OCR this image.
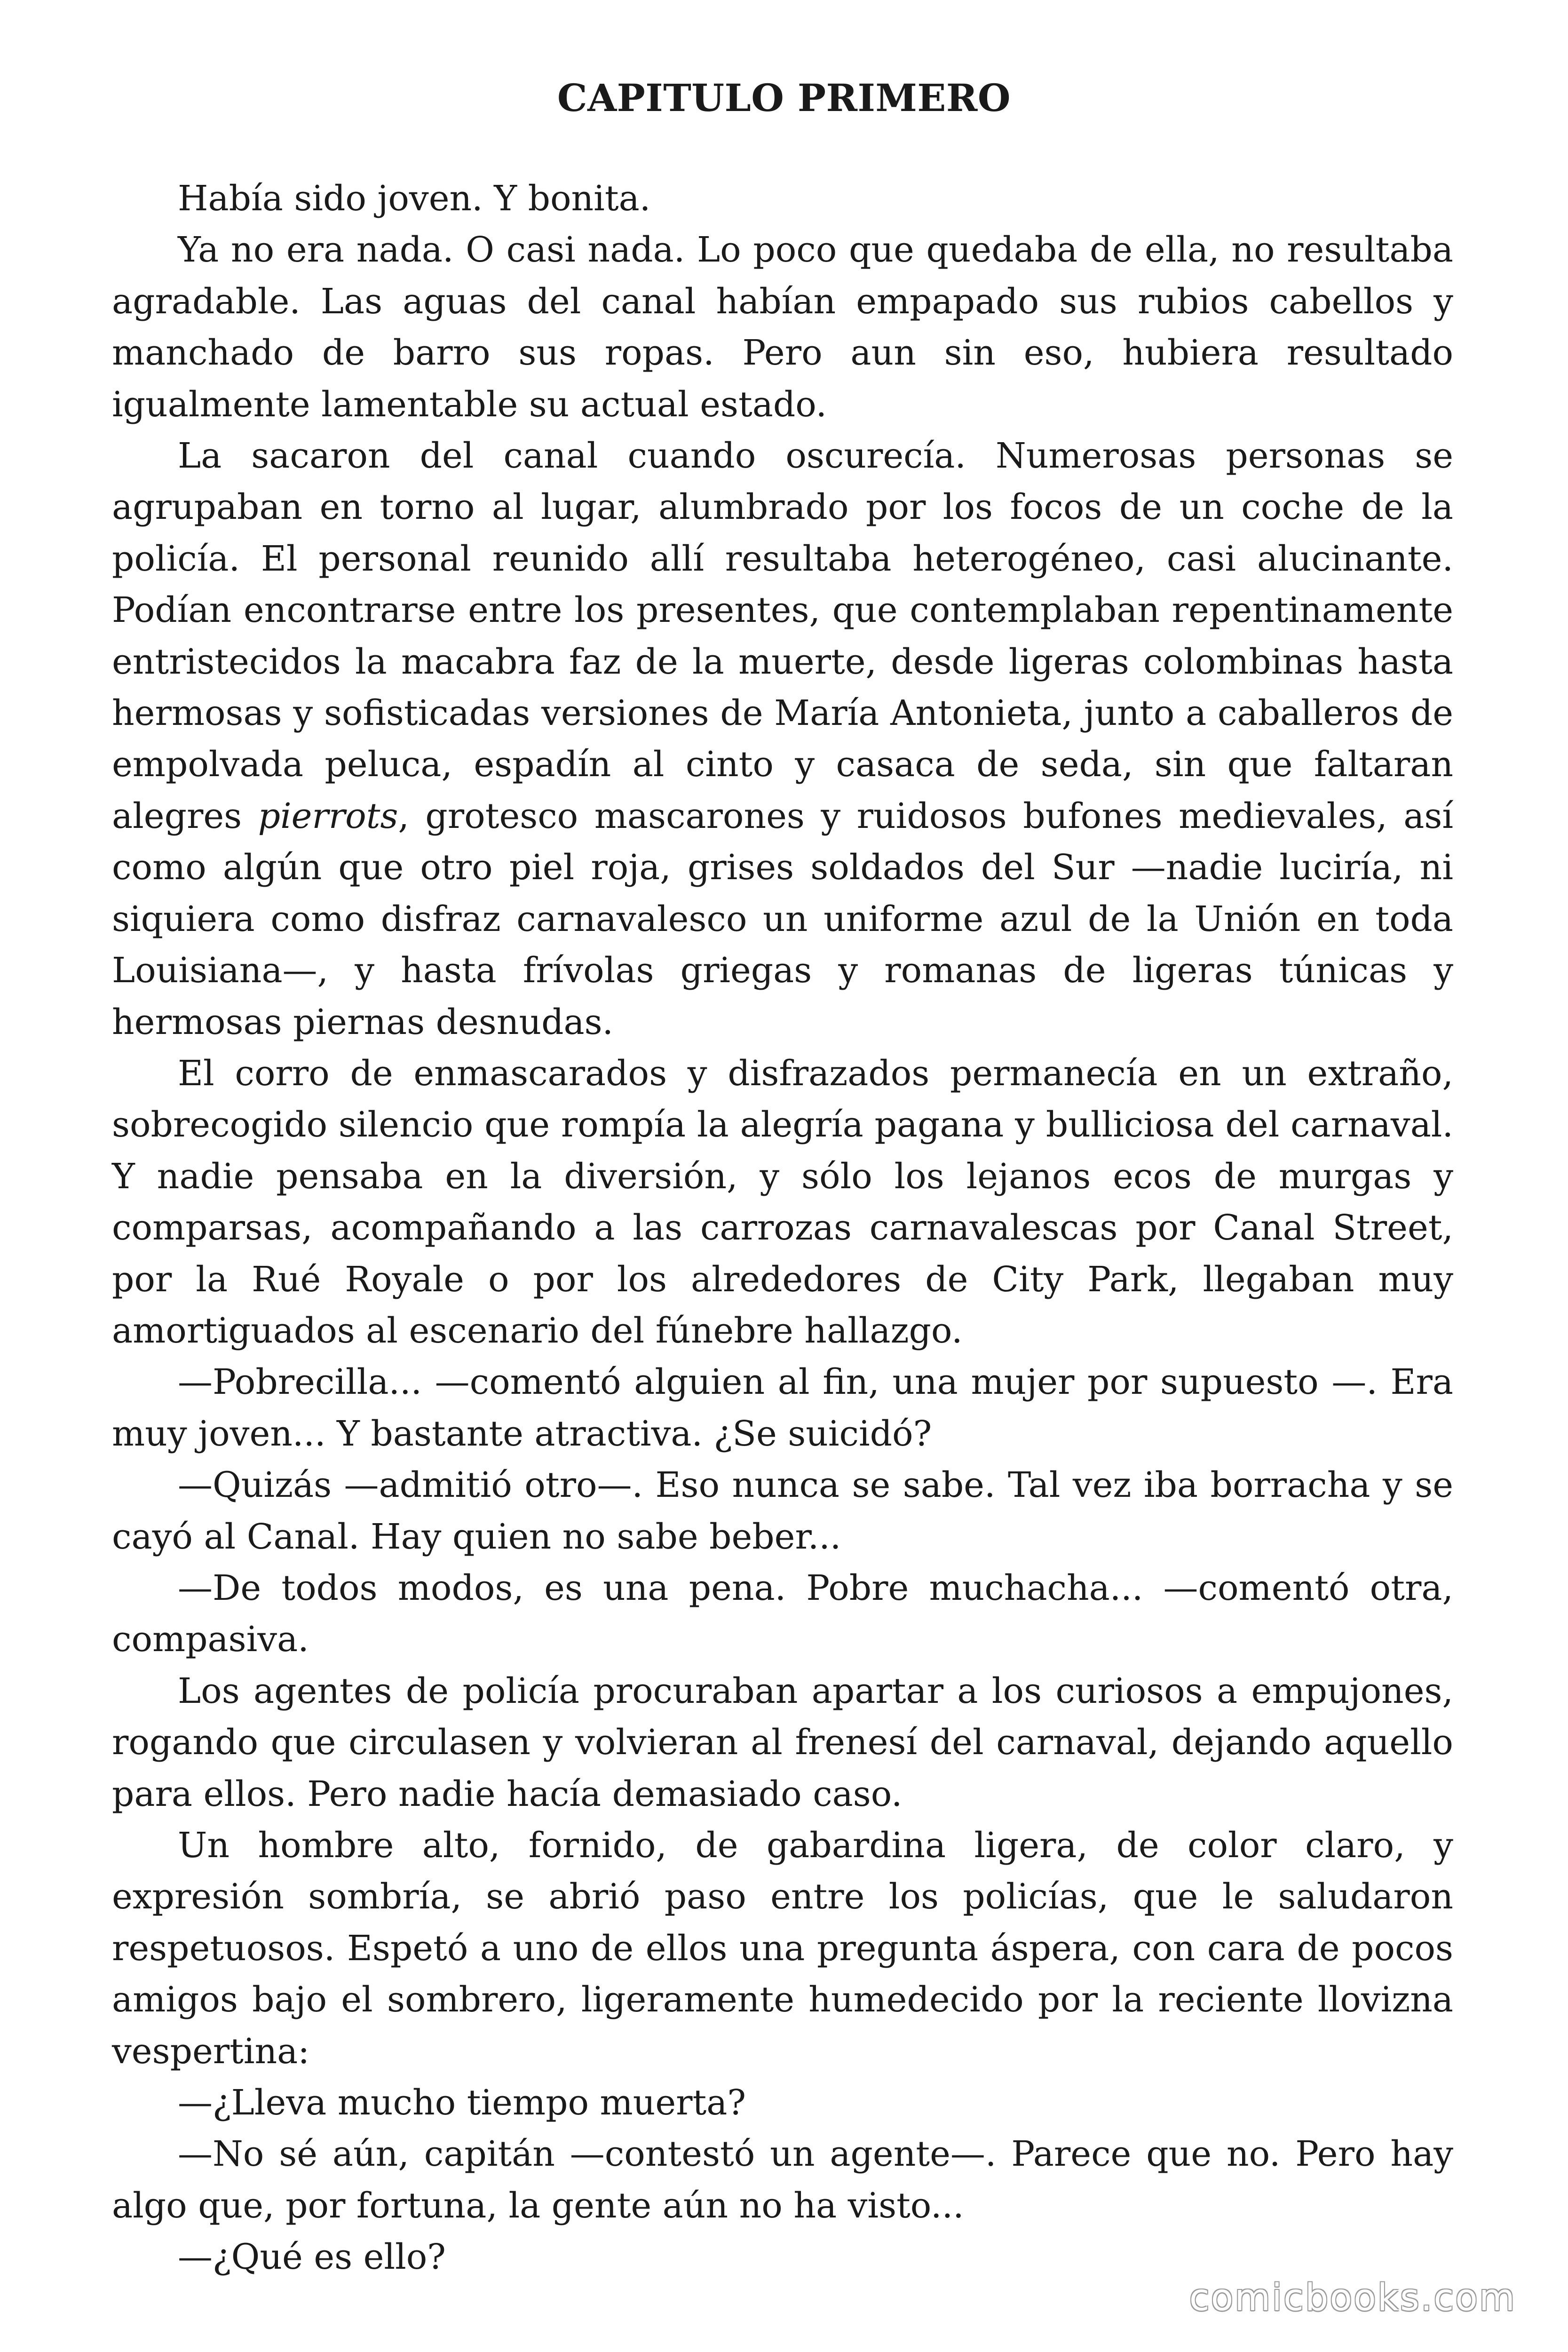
CAPITULO PRIMERO

Había sido joven. Y bonita.

Ya no era nada. O casi nada. Lo poco que quedaba de ella, no resultaba agradable. Las aguas del canal habían empapado sus rubios cabellos y manchado de barro sus ropas. Pero aun sin eso, hubiera resultado igualmente lamentable su actual estado.

La sacaron del canal cuando oscurecía. Numerosas personas se agrupaban en torno al lugar, alumbrado por los focos de un coche de la policía. El personal reunido allí resultaba heterogéneo, casi alucinante. Podían encontrarse entre los presentes, que contemplaban repentinamente entristecidos la macabra faz de la muerte, desde ligeras colombinas hasta hermosas y sofisticadas versiones de María Antonieta, junto a caballeros de empolvada peluca, espadín al cinto y casaca de seda, sin que faltaran alegres pierrots, grotesco mascarones y ruidosos bufones medievales, así como algún que otro piel roja, grises soldados del Sur —nadie luciría, ni siquiera como disfraz carnavalesco un uniforme azul de la Unión en toda Louisiana—, y hasta frívolas griegas y romanas de ligeras túnicas y hermosas piernas desnudas.

El corro de enmascarados y disfrazados permanecía en un extraño, sobrecogido silencio que rompía la alegría pagana y bulliciosa del carnaval. Y nadie pensaba en la diversión, y sólo los lejanos ecos de murgas y comparsas, acompañando a las carrozas carnavalescas por Canal Street, por la Rué Royale o por los alrededores de City Park, llegaban muy amortiguados al escenario del fúnebre hallazgo.

—Pobrecilla... —comentó alguien al fin, una mujer por supuesto —. Era muy joven... Y bastante atractiva. ¿Se suicidó?

—Quizás —admitió otro—. Eso nunca se sabe. Tal vez iba borracha y se cayó al Canal. Hay quien no sabe beber...

—De todos modos, es una pena. Pobre muchacha... —comentó otra, compasiva.

Los agentes de policía procuraban apartar a los curiosos a empujones, rogando que circulasen y volvieran al frenesí del carnaval, dejando aquello para ellos. Pero nadie hacía demasiado caso.

Un hombre alto, fornido, de gabardina ligera, de color claro, y expresión sombría, se abrió paso entre los policías, que le saludaron respetuosos. Espetó a uno de ellos una pregunta áspera, con cara de pocos amigos bajo el sombrero, ligeramente humedecido por la reciente llovizna vespertina:

—¿Lleva mucho tiempo muerta?

—No sé aún, capitán —contestó un agente—. Parece que no. Pero hay algo que, por fortuna, la gente aún no ha visto...

—¿Qué es ello?

comicbooks.com
